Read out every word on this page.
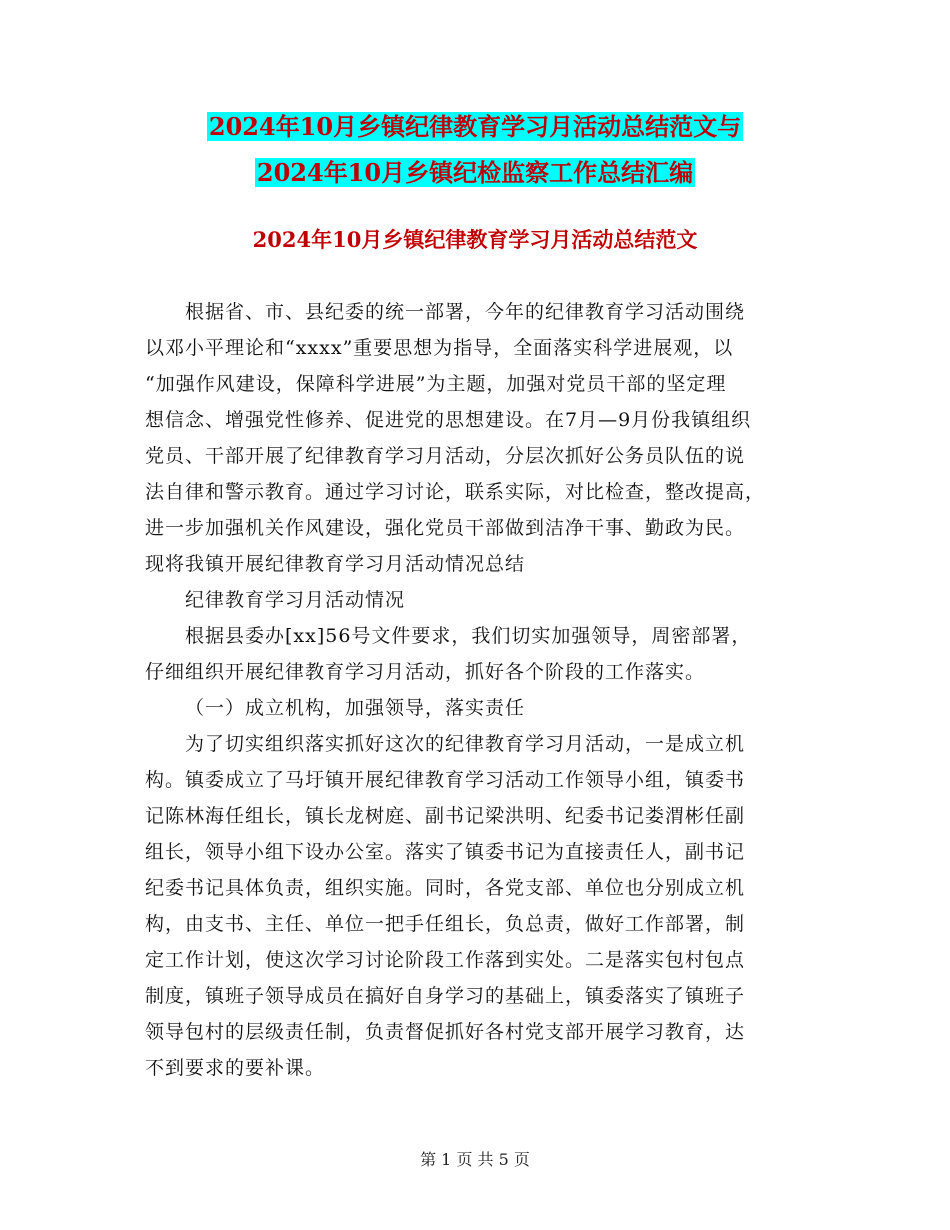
2024年10月乡镇纪律教育学习月活动总结范文与
2024年10月乡镇纪检监察工作总结汇编
2024年10月乡镇纪律教育学习月活动总结范文

根据省、市、县纪委的统一部署，今年的纪律教育学习活动围绕

以邓小平理论和“xxxx”重要思想为指导，全面落实科学进展观，以

“加强作风建设，保障科学进展”为主题，加强对党员干部的坚定理

想信念、增强党性修养、促进党的思想建设。在7月—9月份我镇组织

党员、干部开展了纪律教育学习月活动，分层次抓好公务员队伍的说

法自律和警示教育。通过学习讨论，联系实际，对比检查，整改提高，

进一步加强机关作风建设，强化党员干部做到洁净干事、勤政为民。

现将我镇开展纪律教育学习月活动情况总结

纪律教育学习月活动情况

根据县委办[xx]56号文件要求，我们切实加强领导，周密部署，

仔细组织开展纪律教育学习月活动，抓好各个阶段的工作落实。

（一）成立机构，加强领导，落实责任

为了切实组织落实抓好这次的纪律教育学习月活动，一是成立机

构。镇委成立了马圩镇开展纪律教育学习活动工作领导小组，镇委书

记陈林海任组长，镇长龙树庭、副书记梁洪明、纪委书记娄渭彬任副

组长，领导小组下设办公室。落实了镇委书记为直接责任人，副书记

纪委书记具体负责，组织实施。同时，各党支部、单位也分别成立机

构，由支书、主任、单位一把手任组长，负总责，做好工作部署，制

定工作计划，使这次学习讨论阶段工作落到实处。二是落实包村包点

制度，镇班子领导成员在搞好自身学习的基础上，镇委落实了镇班子

领导包村的层级责任制，负责督促抓好各村党支部开展学习教育，达

不到要求的要补课。

第 1 页 共 5 页
